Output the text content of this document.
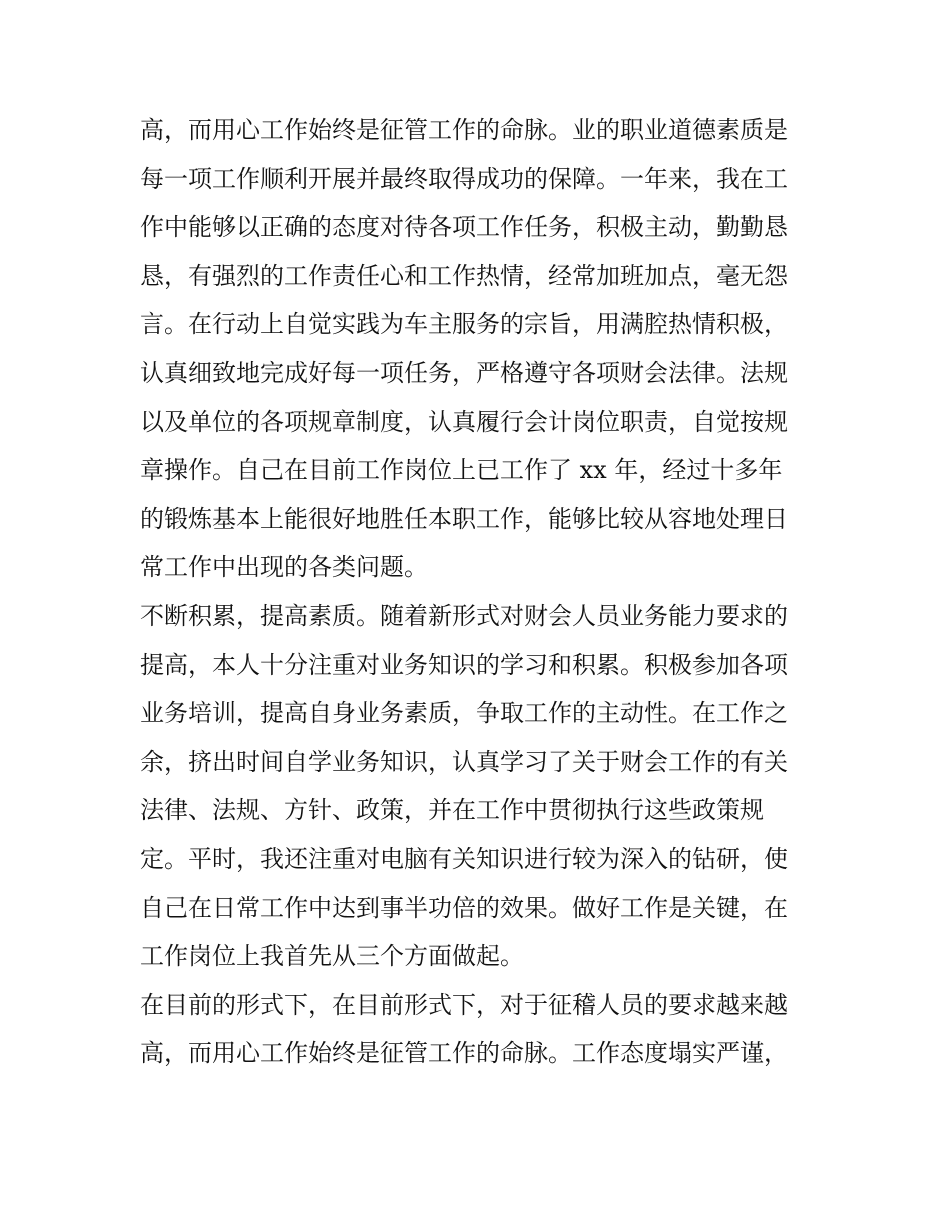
高，而用心工作始终是征管工作的命脉。业的职业道德素质是
每一项工作顺利开展并最终取得成功的保障。一年来，我在工
作中能够以正确的态度对待各项工作任务，积极主动，勤勤恳
恳，有强烈的工作责任心和工作热情，经常加班加点，毫无怨
言。在行动上自觉实践为车主服务的宗旨，用满腔热情积极，
认真细致地完成好每一项任务，严格遵守各项财会法律。法规
以及单位的各项规章制度，认真履行会计岗位职责，自觉按规
章操作。自己在目前工作岗位上已工作了 xx 年，经过十多年
的锻炼基本上能很好地胜任本职工作，能够比较从容地处理日
常工作中出现的各类问题。
不断积累，提高素质。随着新形式对财会人员业务能力要求的
提高，本人十分注重对业务知识的学习和积累。积极参加各项
业务培训，提高自身业务素质，争取工作的主动性。在工作之
余，挤出时间自学业务知识，认真学习了关于财会工作的有关
法律、法规、方针、政策，并在工作中贯彻执行这些政策规
定。平时，我还注重对电脑有关知识进行较为深入的钻研，使
自己在日常工作中达到事半功倍的效果。做好工作是关键，在
工作岗位上我首先从三个方面做起。
在目前的形式下，在目前形式下，对于征稽人员的要求越来越
高，而用心工作始终是征管工作的命脉。工作态度塌实严谨，
